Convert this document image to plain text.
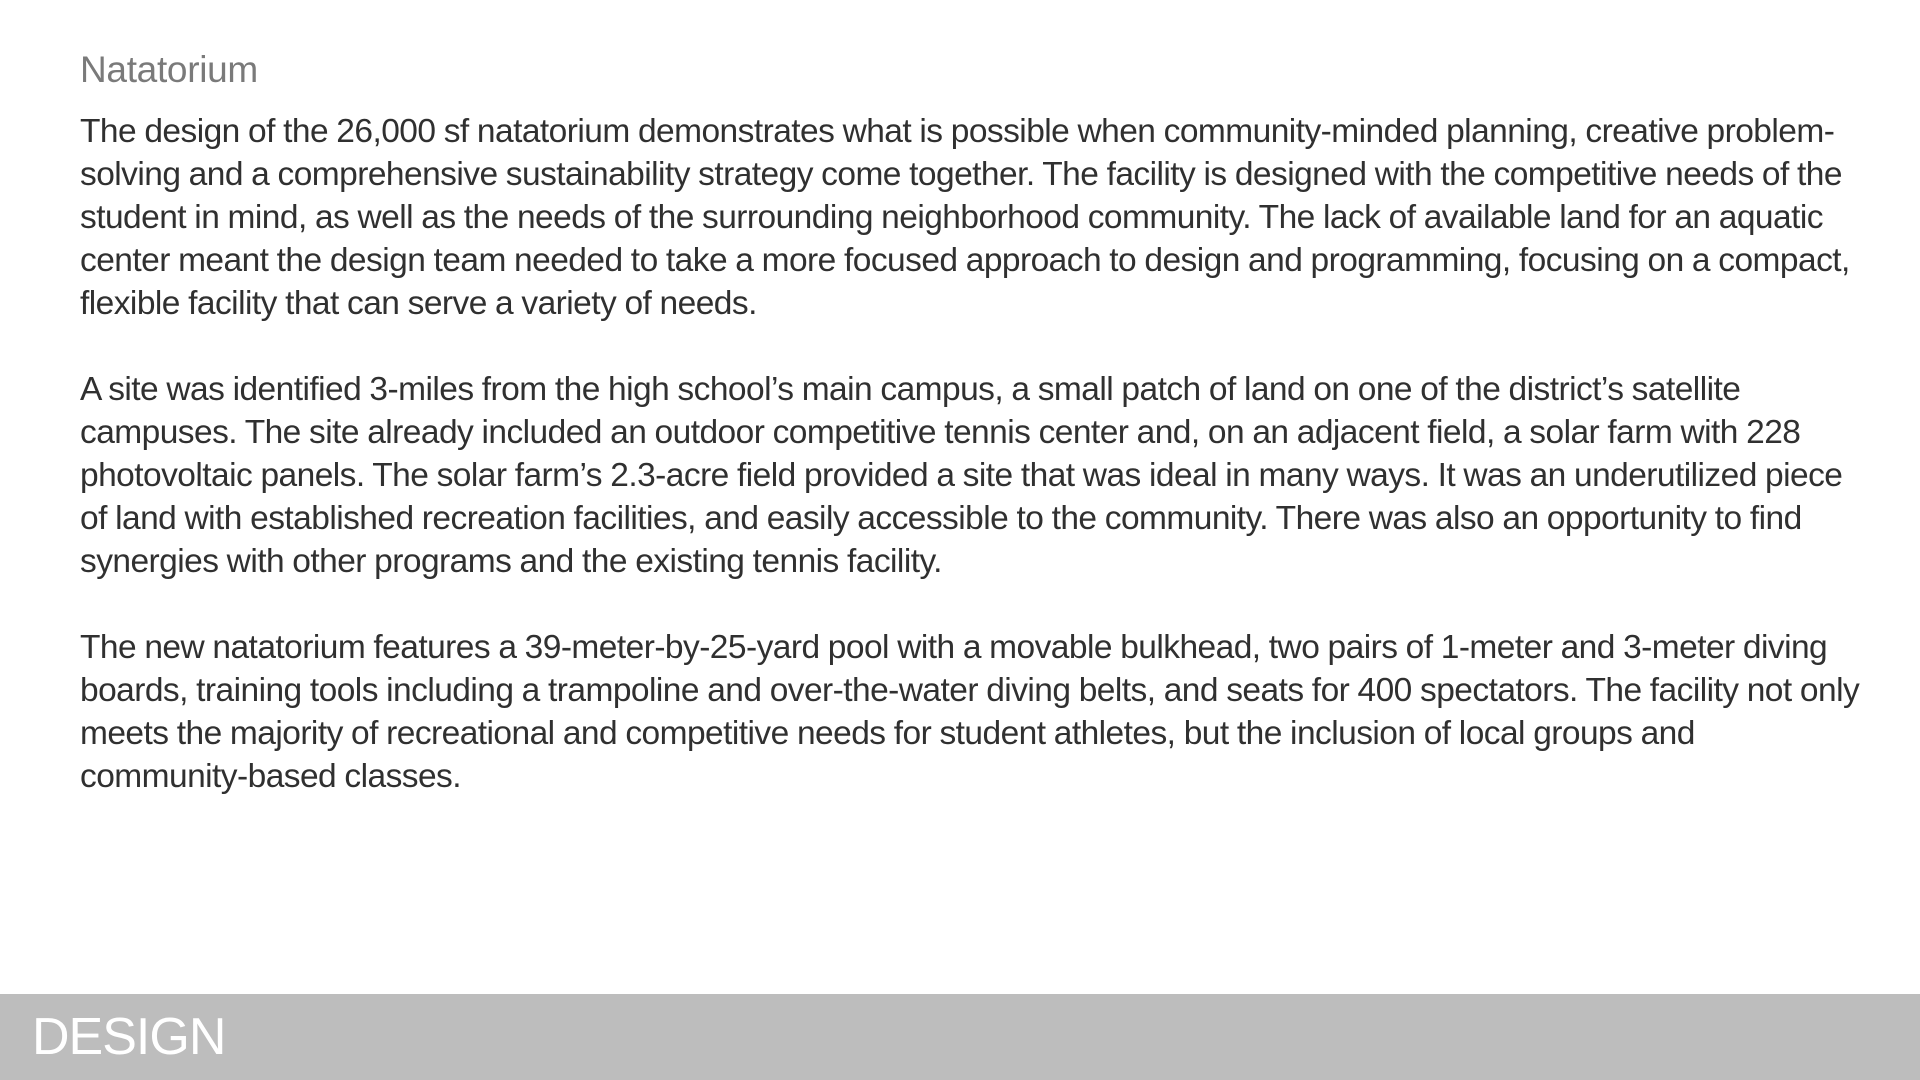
Natatorium

The design of the 26,000 sf natatorium demonstrates what is possible when community-minded planning, creative problem-solving and a comprehensive sustainability strategy come together. The facility is designed with the competitive needs of the student in mind, as well as the needs of the surrounding neighborhood community. The lack of available land for an aquatic center meant the design team needed to take a more focused approach to design and programming, focusing on a compact, flexible facility that can serve a variety of needs.

A site was identified 3-miles from the high school’s main campus, a small patch of land on one of the district’s satellite campuses. The site already included an outdoor competitive tennis center and, on an adjacent field, a solar farm with 228 photovoltaic panels. The solar farm’s 2.3-acre field provided a site that was ideal in many ways. It was an underutilized piece of land with established recreation facilities, and easily accessible to the community. There was also an opportunity to find synergies with other programs and the existing tennis facility.

The new natatorium features a 39-meter-by-25-yard pool with a movable bulkhead, two pairs of 1-meter and 3-meter diving boards, training tools including a trampoline and over-the-water diving belts, and seats for 400 spectators. The facility not only meets the majority of recreational and competitive needs for student athletes, but the inclusion of local groups and community-based classes.

DESIGN
